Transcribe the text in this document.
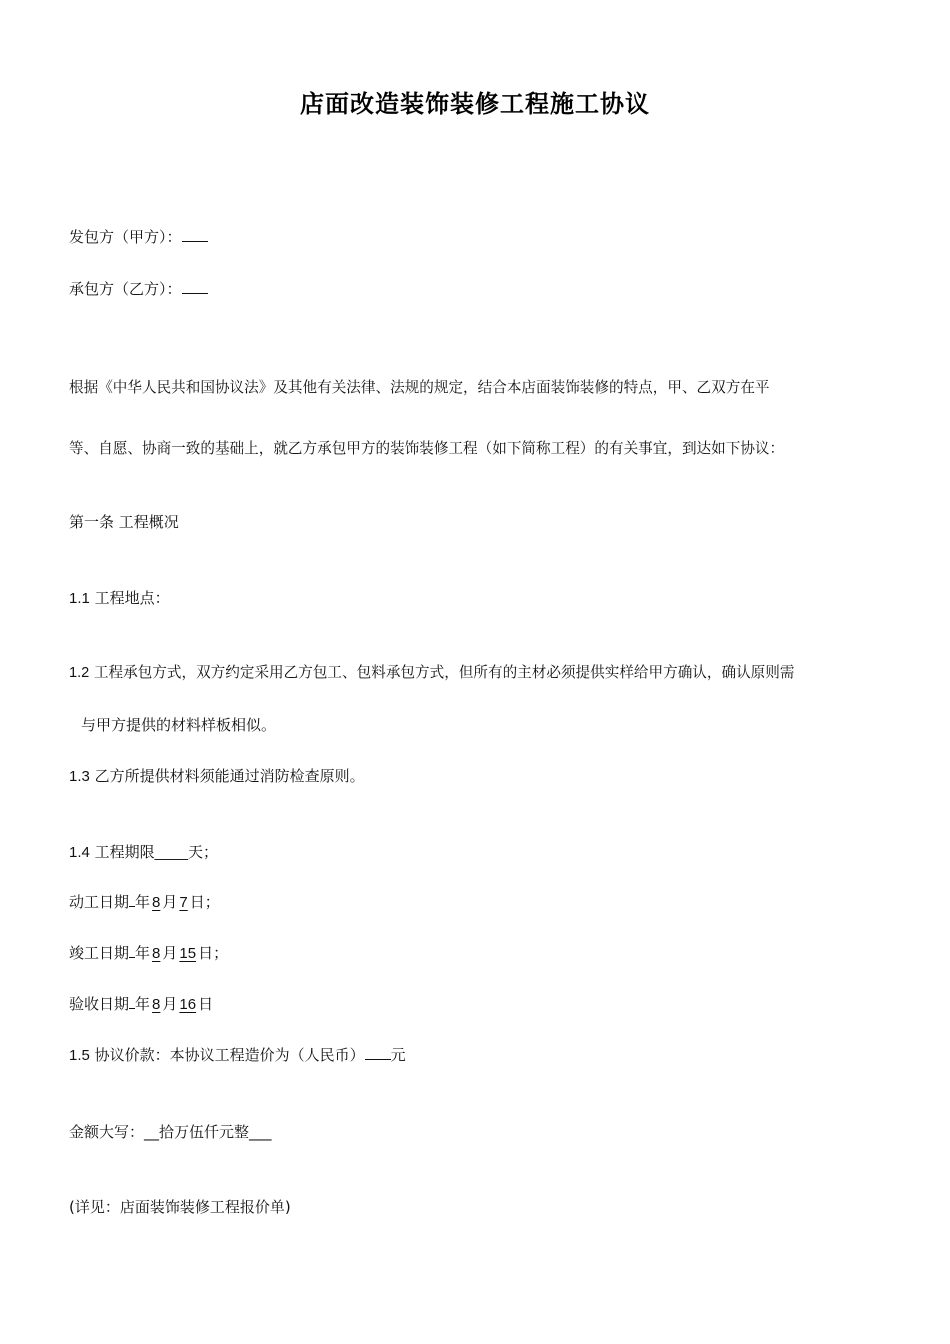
店面改造装饰装修工程施工协议
发包方（甲方）：
承包方（乙方）：
根据《中华人民共和国协议法》及其他有关法律、法规的规定，结合本店面装饰装修的特点，甲、乙双方在平
等、自愿、协商一致的基础上，就乙方承包甲方的装饰装修工程（如下简称工程）的有关事宜，到达如下协议：
第一条 工程概况
1.1 工程地点：
1.2 工程承包方式，双方约定采用乙方包工、包料承包方式，但所有的主材必须提供实样给甲方确认，确认原则需
与甲方提供的材料样板相似。
1.3 乙方所提供材料须能通过消防检查原则。
1.4 工程期限____天；
动工日期 年 8 月 7 日；
竣工日期 年 8 月 15 日；
验收日期 年 8 月 16 日
1.5 协议价款：本协议工程造价为（人民币） 元
金额大写：__拾万伍仟元整___
(详见：店面装饰装修工程报价单)
